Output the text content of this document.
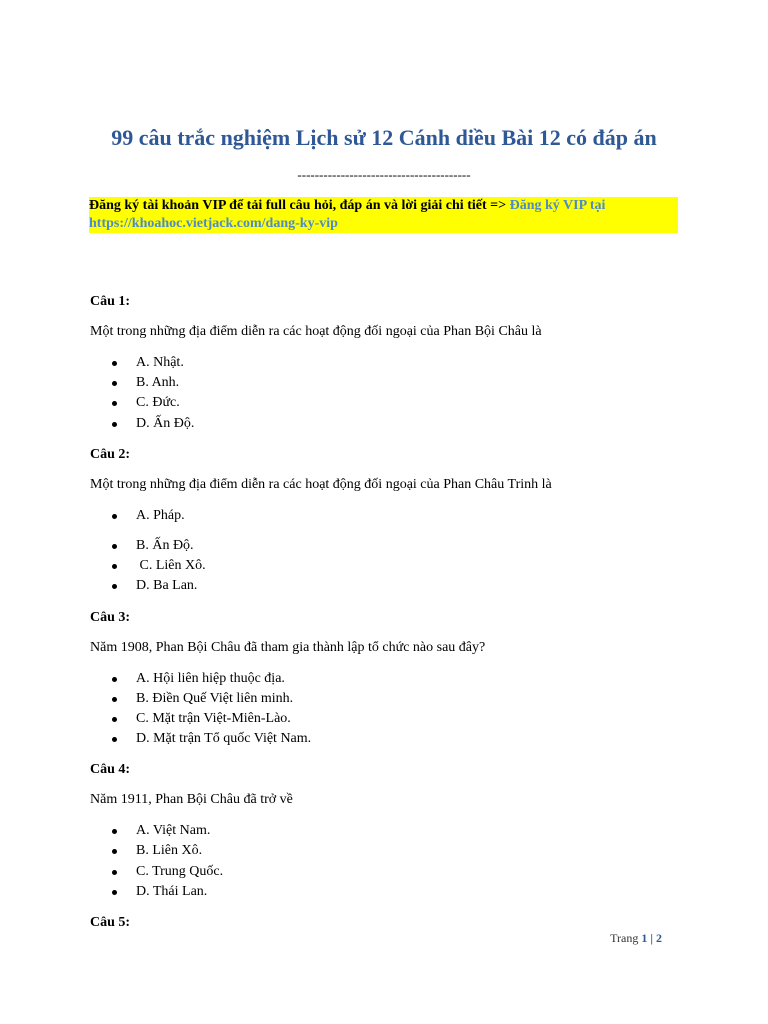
99 câu trắc nghiệm Lịch sử 12 Cánh diều Bài 12 có đáp án
----------------------------------------
Đăng ký tài khoản VIP để tải full câu hỏi, đáp án và lời giải chi tiết => Đăng ký VIP tại https://khoahoc.vietjack.com/dang-ky-vip
Câu 1:
Một trong những địa điểm diễn ra các hoạt động đối ngoại của Phan Bội Châu là
A. Nhật.
B. Anh.
C. Đức.
D. Ấn Độ.
Câu 2:
Một trong những địa điểm diễn ra các hoạt động đối ngoại của Phan Châu Trinh là
A. Pháp.
B. Ấn Độ.
C. Liên Xô.
D. Ba Lan.
Câu 3:
Năm 1908, Phan Bội Châu đã tham gia thành lập tổ chức nào sau đây?
A. Hội liên hiệp thuộc địa.
B. Điền Quế Việt liên minh.
C. Mặt trận Việt-Miên-Lào.
D. Mặt trận Tổ quốc Việt Nam.
Câu 4:
Năm 1911, Phan Bội Châu đã trở về
A. Việt Nam.
B. Liên Xô.
C. Trung Quốc.
D. Thái Lan.
Câu 5:
Trang 1 | 2
